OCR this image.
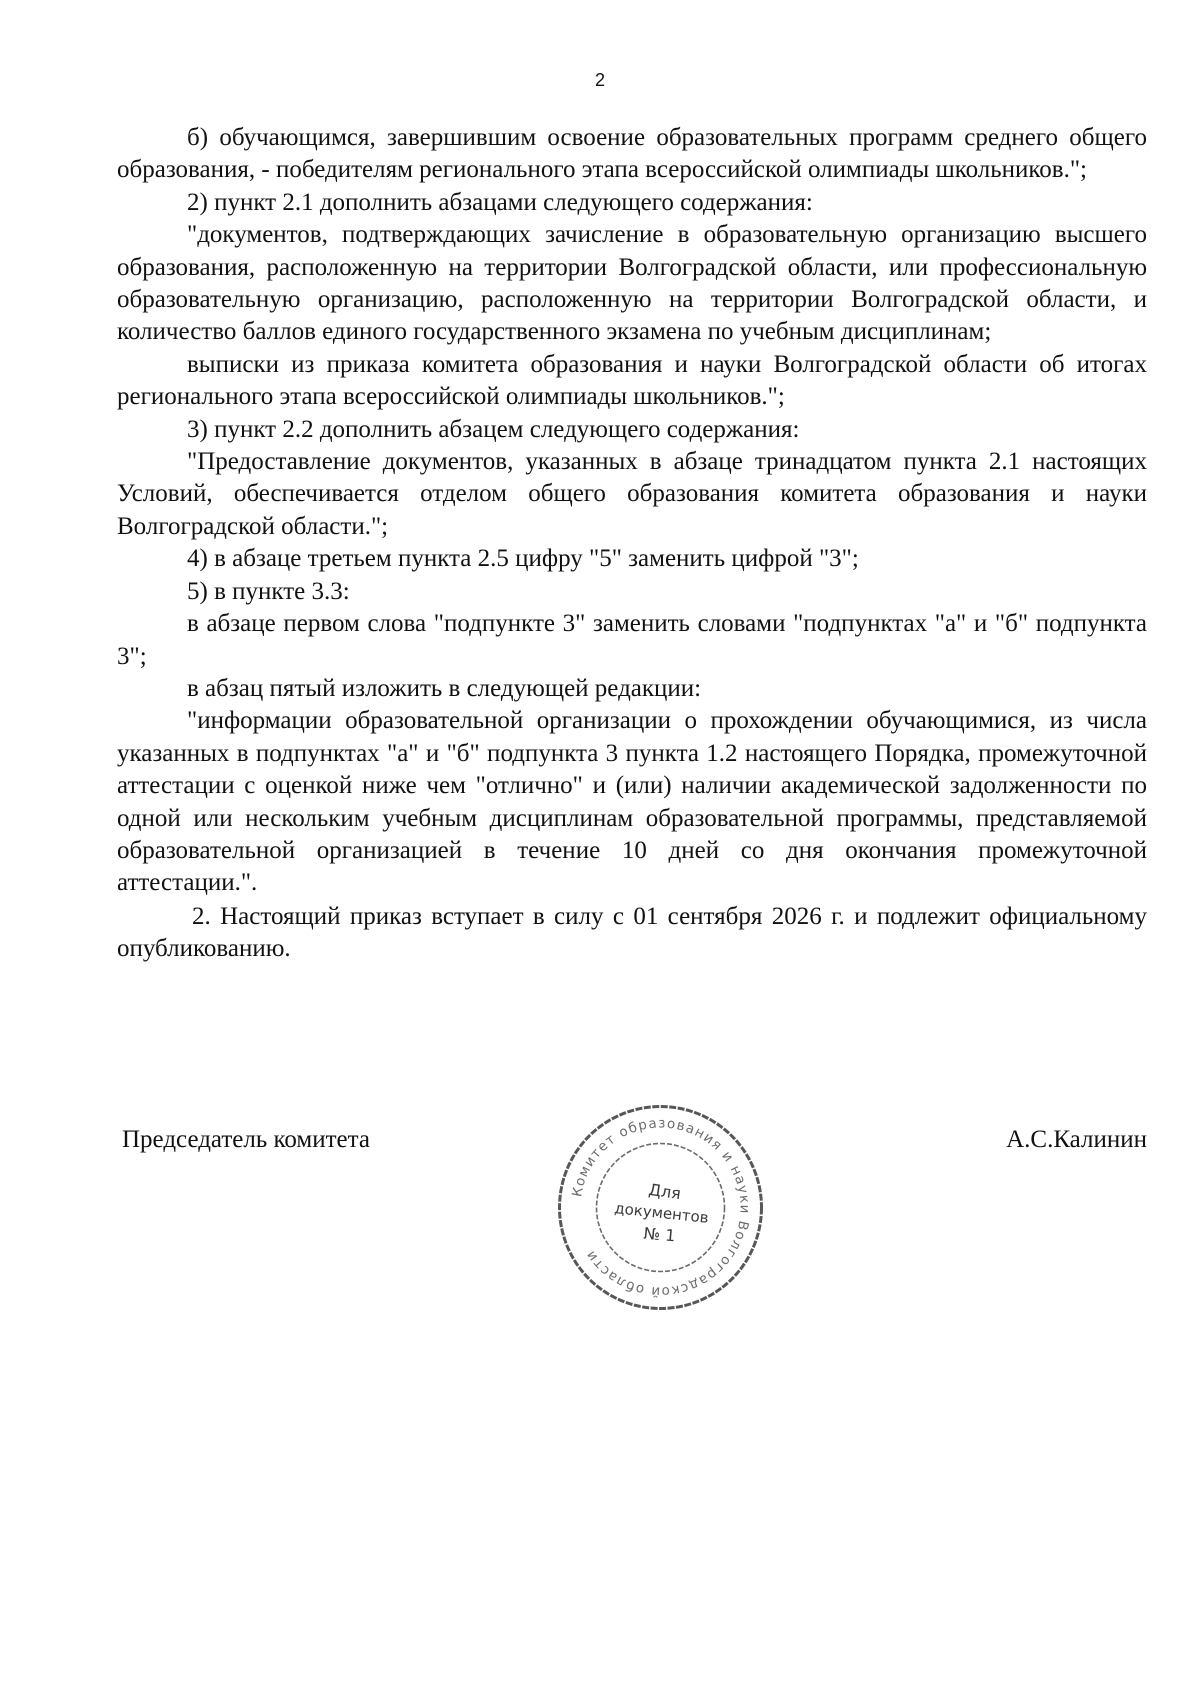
2

б) обучающимся, завершившим освоение образовательных программ среднего общего образования, - победителям регионального этапа всероссийской олимпиады школьников.";

2) пункт 2.1 дополнить абзацами следующего содержания:

"документов, подтверждающих зачисление в образовательную организацию высшего образования, расположенную на территории Волгоградской области, или профессиональную образовательную организацию, расположенную на территории Волгоградской области, и количество баллов единого государственного экзамена по учебным дисциплинам;

выписки из приказа комитета образования и науки Волгоградской области об итогах регионального этапа всероссийской олимпиады школьников.";

3) пункт 2.2 дополнить абзацем следующего содержания:

"Предоставление документов, указанных в абзаце тринадцатом пункта 2.1 настоящих Условий, обеспечивается отделом общего образования комитета образования и науки Волгоградской области.";

4) в абзаце третьем пункта 2.5 цифру "5" заменить цифрой "3";

5) в пункте 3.3:

в абзаце первом слова "подпункте 3" заменить словами "подпунктах "а" и "б" подпункта 3";

в абзац пятый изложить в следующей редакции:

"информации образовательной организации о прохождении обучающимися, из числа указанных в подпунктах "а" и "б" подпункта 3 пункта 1.2 настоящего Порядка, промежуточной аттестации с оценкой ниже чем "отлично" и (или) наличии академической задолженности по одной или нескольким учебным дисциплинам образовательной программы, представляемой образовательной организацией в течение 10 дней со дня окончания промежуточной аттестации.".

2. Настоящий приказ вступает в силу с 01 сентября 2026 г. и подлежит официальному опубликованию.

Председатель комитета	А.С.Калинин
Комитет образования и науки Волгоградской области
Для
документов
№ 1
